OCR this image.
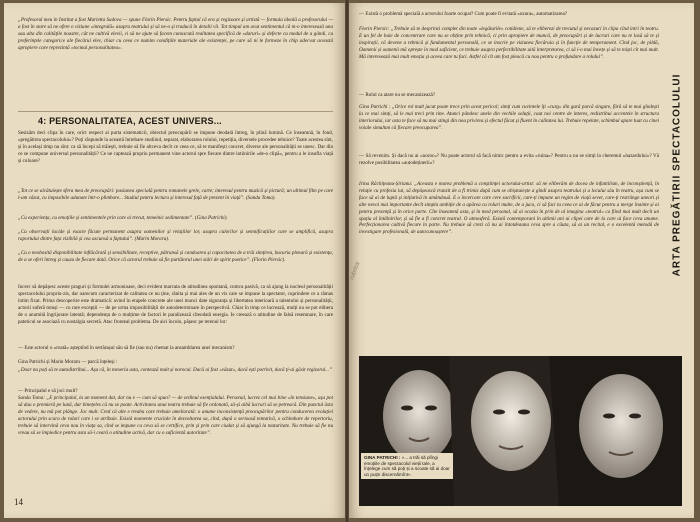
„Profesorul meu în Institut a fost Marietta Sadova — spune Florin Piersic. Pentru faptul că era și regizoare și artistă — formula ideală a profesorului — a fost în stare să ne ofere o viziune «integrală» asupra teatrului și să ne-o și traducă în detalii vii. Tot timpul am avut sentimentul că m-o interesează una sau alta din calitățile noastre, cât ne cultivă elevii, ci să ne ajute să facem cunoscută realitatea specifică de «daruri» și defecte cu modul de a gândi, cu preferințele categorice ale fiecărui elev, chiar cu ceea ce numim condițiile materiale ale existenței, pe care să ni le formeze în chip adecvat această apropiere care reprezintă «tocmai personalitatea».
4: PERSONALITATEA, ACEST UNIVERS...
Sesizăm deci clipa în care, orict respect ai purta sistematicii, obiectul preocupării se impune deodată întreg, în plină lumină. Ce înseamnă, în fond, «pregătirea spectacolului»? Poți răspunde la această întrebare studiind, separat, elaborarea rolului, repetiția, diversele procedee tehnice? Toate acestea sînt, și în același timp nu sînt: ca să începi să trăiești, trebuie să fie altceva decît ce ceea ce, să te manifești concret, diverse ale personalității se unesc. Dar din ce se compune universul personalității? Ce ne captează propriu permanent vine actorul spre fiecare dintre intiinirile «de-o clipă», pentru a le insufla viață și culoare?
„Tot ce se alcătuiește sfera mea de preocupări: pasiunea specială pentru romanele grele, carte; interesul pentru muzică și pictură; un ultimul film pe care l-am văzut, cu imposibile adunate într-o plimbare... Studiul pentru lectura și interesul față de prezent în viață”. (Sanda Toma).
„Cu experiența, cu emoțiile și sentimentele prin care ai trecut, temeinic sedimentate”. (Gina Patrichi).
„Cu observații lucide și exacte făcute permanent asupra oamenilor și relațiilor lor, asupra culorilor și semnificațiilor care se amplifică, asupra raportului dintre fața vizibilă și cea ascunsă a faptului”. (Marin Moraru).
„Cu o neobosită disponibilitate inflăcărată și sensibilitate, receptive, pătrunsă și candoarea și capacitatea de a trăi simțirea, bucuria plenară și existența, de a se oferi întreg și cauza de fiecare dată. Orice că actorul trebuie să fie purtătorul unei stări de spirit poetice”. (Florin Piersic).
Incerc să depășesc aceste praguri și formulei armonioase, deci evident marcata de atitudinea spontană, cumva pasivă, ca să ajung la nucleul personalității spectacolului propriu-zis, dar oarecum caracterizat de calitatea ce nu ține, rănita și mai ales de un vis care se impune la spectator, cuprindere ce a rămas intim fixat. Prima descoperire este dramatică: avind în etapele concrete ale unei munci date siguranța și libertatea interioară a talentului și personalității, actorii suferă totuși — cu rare excepții — de pe urma imposibilității de autodeterminare în perspectivă. Chiar în timp ce lucrează, mulți nu se pot elibera de o anumită îngrijorare latentă; dependența de o mulțime de factori le paralizează cîteodată energia. Ie creează o atitudine de falsă resemnare, în care pateticul se asociază cu nostalgia secretă. Atac fronteal problema. De aici încolo, pășesc pe terenul lor:
— Este actorul o «roată» așteptînd în sertărașul său să fie (sau nu) chemat la ansamblarea unei mecanism?
Gina Patrichi și Marin Moraru — parcă înțeleși :
„Doar nu poți să te autodistribui... Așa că, în meseria asta, contează mult și norocul. Dacă ai fost «văzut», dacă ești potrivit, dacă ți-ai găsit regizorul...”
— Principalul e să joci mult?
Sanda Toma: „E principalul, la un moment dat, dar nu e — cum să spun? — de ordinul esențialului. Personal, lucrez cel mai bine «în tensiune», așa pot să dau o premieră pe lună, dar binețeles că nu se poate. Activitatea unui teatru trebuie să fie ordonată, să-și aibă lucruri să se petreacă. Din punctul ăsta de vedere, nu mă pot plânge. Joc mult. Cred că alte e treaba care trebuie ameliorată: o anume inconsistență preocupărilor pentru conducerea evoluției actorului prin scara de roluri care i se atribuie. Există momente cruciale în dezvoltarea sa, cînd, după o serioasă tentativă, o schimbare de repertoriu, trebuie să intervină ceva nou în viața sa, cînd se impune ca ceva să se certifice, prin și prin care ciudat și să ajungă la maturitate. Nu trebuie să fie nu vreau să se împiedice pentru asta să-i ceară o atitudine activă, dar cu o suficientă autoritate”.
14
— Există o problemă specială a actorului foarte ocupat? Cum poate fi evitată «uzura», automatizarea?
Florin Piersic: „Trebuie să te desprinzi complet din toate «legăturile» cotidiene, să te eliberezi de trecutul și necazuri în clipa cînd intri în teatru. E un fel de baie de concentrare care nu se obține prin tehnică, ci prin apropiere de muncă, de preocupări și de lucruri care nu te lasă să te și inspirații, că devene a tehnică și fundamental personală, ce se inscrie pe viziunea fiecăruia și în funcție de temperament. Cînd joc, de pildă, Oamenii și oamenii mă oprește în mod suficient, ce trebuie asupra perfectibilitate uită interpretarea, ci să i-o mai învețe și să te miști cît mai mult. Mă interesează mai mult emoția și aceea care tu faci. Astfel că cît am fost pleacă cu nou pentru o profundare a rolului”.
— Rolul ca atare nu se mecanizează?
Gina Patrichi : „Orice rol mult jucat poate trece prin acest pericol; simți cum cuvintele îți «curg» din gură parcă singure, fără să te mai gîndești la ce mai simți, să le mai treci prin tine. Atunci pândesc unele din vechile soluții, caut noi centre de interes, redistribui accentele în structura interiorului, iar asta te face să nu mai stingi din nou privirea și efectul făcut și fluent în calitatea lui. Trebuie repelate, schimbul apare luat cu cinei voiale simultan că fiecare preocuparea”.
— Să revenim. Și dacă nu ai «noroc»? Nu poate actorul să facă nimic pentru a evita «ruina»? Pentru a nu se simți la cheremul «hazardului»? Vă rezolve posibilitatea «autodeținerii»?
Irina Răchițeanu-Șirianu: „Aceasta e marea problemă a conștiinței actorului-artist: să ne eliberăm de docea de infantilism, de inconștiență, în relație cu profesia lui, să depășească tranzit de a fi trimis după cum se obișnuiește a gîndi asupra teatrului și a locului său în teatru, așa cum se face să ai de luptă și inițiativă în amândouă. E o încercare care cere sacrificii, care-ți impune un regim de viață sever, care-ți restrânge uneori și alte nevoi mai importante decît simpla ambiție de a apărea cu roluri multe, de a juca, ci să faci tu ceea ce ai de făcut pentru a merge înainte și ai pentru prezență și în orice parte. Cîte înseamnă asta, și în mod personal, să ai ocazia în prin de al imagina «teatrul» ca fiind mai mult decît un spațiu al întâlnirilor, și să fie a fi concret teatral. O atmosferă. Există contemporani în ultimii ani ai clipei care de la care ai face ceva anume. Perfecționarea cultivă fiecare în parte. Nu trebuie să crezi că nu ai întotdeauna ceva spre a căuta, să ai un recital, e o excelentă metodă de investigare profesională, de autocunoaștere”.
rubrica	ARTA PREGĂTIRII SPECTACOLULUI
GINA PATRICHI : «... a trăi să plîngi emoțiile de spectacolul vieții tale, a înțelege cum să poți și a scoate să ai doar un puțin discernămînt».
